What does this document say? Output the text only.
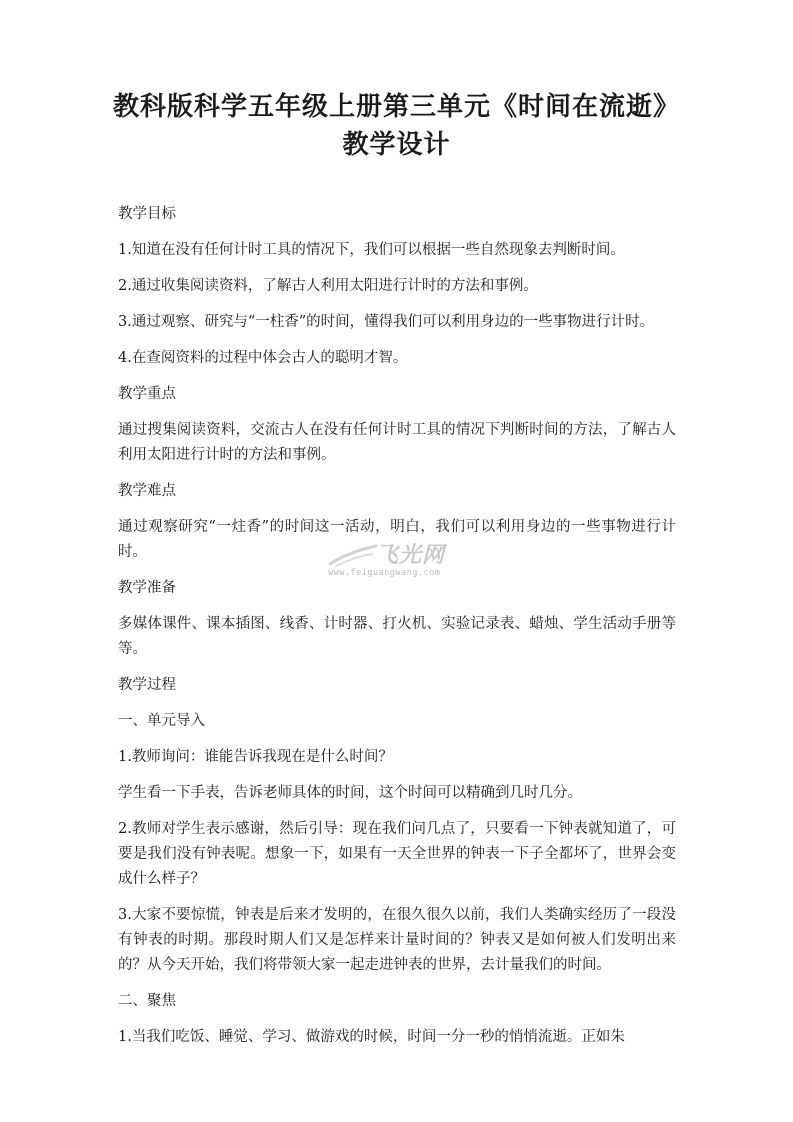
教科版科学五年级上册第三单元《时间在流逝》教学设计

教学目标

1.知道在没有任何计时工具的情况下，我们可以根据一些自然现象去判断时间。

2.通过收集阅读资料，了解古人利用太阳进行计时的方法和事例。

3.通过观察、研究与“一柱香”的时间，懂得我们可以利用身边的一些事物进行计时。

4.在查阅资料的过程中体会古人的聪明才智。

教学重点

通过搜集阅读资料，交流古人在没有任何计时工具的情况下判断时间的方法，了解古人利用太阳进行计时的方法和事例。

教学难点

通过观察研究“一炷香”的时间这一活动，明白，我们可以利用身边的一些事物进行计时。

教学准备

多媒体课件、课本插图、线香、计时器、打火机、实验记录表、蜡烛、学生活动手册等等。

教学过程

一、单元导入

1.教师询问：谁能告诉我现在是什么时间？

学生看一下手表，告诉老师具体的时间，这个时间可以精确到几时几分。

2.教师对学生表示感谢，然后引导：现在我们问几点了，只要看一下钟表就知道了，可要是我们没有钟表呢。想象一下，如果有一天全世界的钟表一下子全都坏了，世界会变成什么样子？

3.大家不要惊慌，钟表是后来才发明的，在很久很久以前，我们人类确实经历了一段没有钟表的时期。那段时期人们又是怎样来计量时间的？钟表又是如何被人们发明出来的？从今天开始，我们将带领大家一起走进钟表的世界，去计量我们的时间。

二、聚焦

1.当我们吃饭、睡觉、学习、做游戏的时候，时间一分一秒的悄悄流逝。正如朱

飞光网
www.feiguangwang.com
